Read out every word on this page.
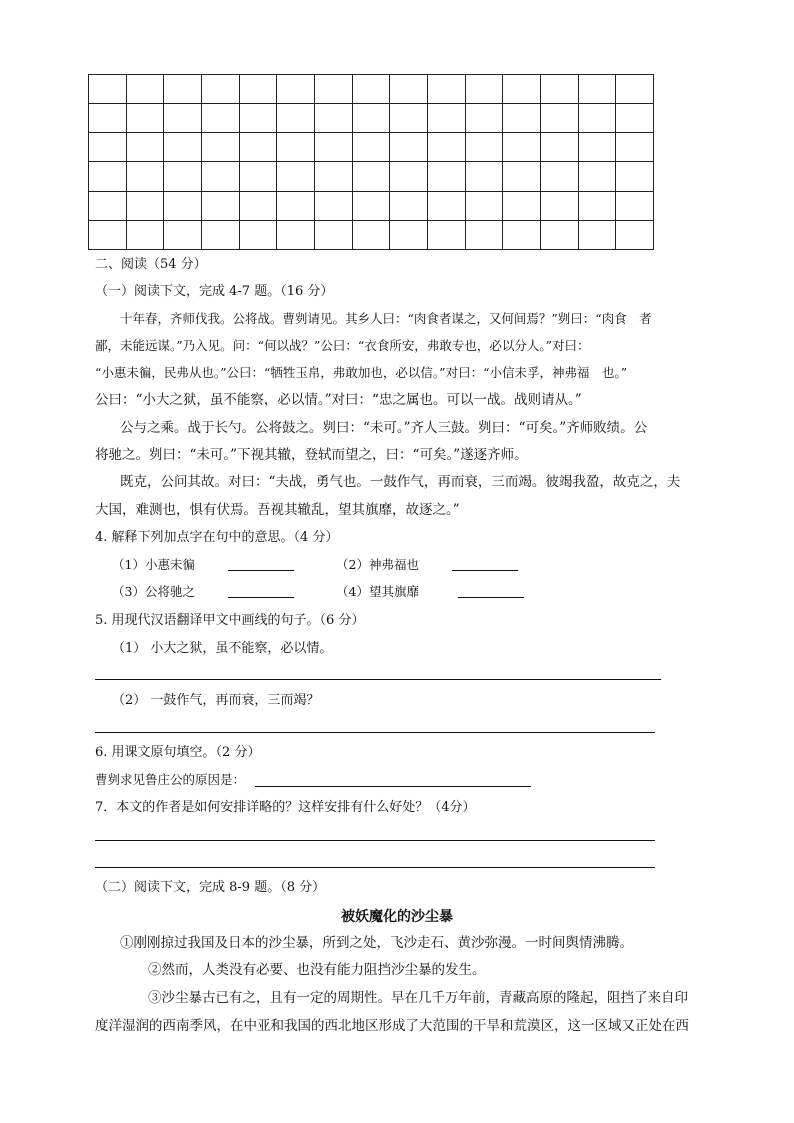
二、阅读（54 分）
（一）阅读下文，完成 4-7 题。（16 分）
十年春，齐师伐我。公将战。曹刿请见。其乡人曰：“肉食者谋之，又何间焉？”刿曰：“肉食　者
鄙，未能远谋。”乃入见。问：“何以战？”公曰：“衣食所安，弗敢专也，必以分人。”对曰：
“小惠未徧，民弗从也。”公曰：“牺牲玉帛，弗敢加也，必以信。”对曰：“小信未孚，神弗福　也。”
公曰：“小大之狱，虽不能察，必以情。”对曰：“忠之属也。可以一战。战则请从。”
公与之乘。战于长勺。公将鼓之。刿曰：“未可。”齐人三鼓。刿曰：“可矣。”齐师败绩。公
将驰之。刿曰：“未可。”下视其辙，登轼而望之，曰：“可矣。”遂逐齐师。
既克，公问其故。对曰：“夫战，勇气也。一鼓作气，再而衰，三而竭。彼竭我盈，故克之，夫
大国，难测也，惧有伏焉。吾视其辙乱，望其旗靡，故逐之。”
4. 解释下列加点字在句中的意思。（4 分）
（1）小惠未徧	（2）神弗福也
（3）公将驰之	（4）望其旗靡
5. 用现代汉语翻译甲文中画线的句子。（6 分）
（1） 小大之狱，虽不能察，必以情。
（2） 一鼓作气，再而衰，三而竭？
6. 用课文原句填空。（2 分）
曹刿求见鲁庄公的原因是：
7．本文的作者是如何安排详略的？这样安排有什么好处？（4分）
（二）阅读下文，完成 8-9 题。（8 分）
被妖魔化的沙尘暴
①刚刚掠过我国及日本的沙尘暴，所到之处，飞沙走石、黄沙弥漫。一时间舆情沸腾。
②然而，人类没有必要、也没有能力阻挡沙尘暴的发生。
③沙尘暴古已有之，且有一定的周期性。早在几千万年前，青藏高原的隆起，阻挡了来自印
度洋湿润的西南季风，在中亚和我国的西北地区形成了大范围的干旱和荒漠区，这一区域又正处在西
